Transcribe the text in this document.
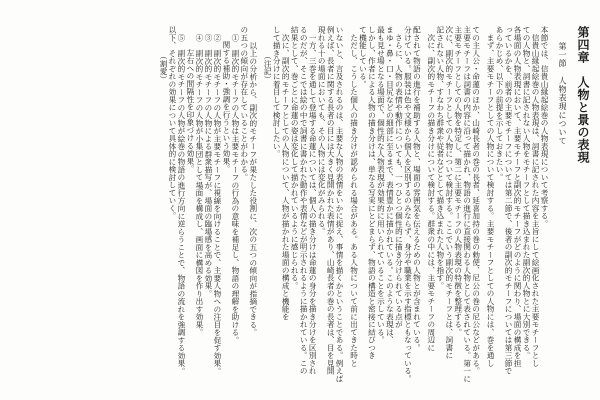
第四章　人物と景の表現
第一節　人物表現について
本節では、信貴山縁起絵巻の人物表現について考察する。
　信貴山縁起絵巻の人物表現は、詞書に記された内容を主旨にして絵画化された主要モチーフとし
ての人物と、詞書に記されない人物をモチーフとして描き込まれた副次的人物とに大別できる。
各場面の人物表現において、主要モチーフと副次的モチーフがどのように関わり、場面の構成を担
っているかを、前者の主要モチーフについては第二節で、後者の副次的モチーフについては第三節で
あらかじめ、以下の前提を示しておきたい。
　まず、主要モチーフとしての人物について検討する。主要モチーフとしての人物には、巻を通し
ての主人公・命蓮のほか、山崎長者の巻の長者、延喜加持の巻の勅使、尼公の巻の尼公などがある。
主要モチーフは詞書の内容に沿って描かれ、物語の進行に直接関わる人物として表されている。第一に
主要モチーフとしての人物を特定し、第二に主要モチーフの人物表現の特徴を整理する。
次に、副次的モチーフとしての人物について検討する。ここでいう副次的モチーフとは、詞書に
記されない人物、すなわち群衆や従者などとして描き込まれた人物を指す。
　次に、副次的モチーフの描き分けについて検討する。群衆の中には、主要モチーフの周辺に
配されて物語の進行を補助する人物と、場面の雰囲気を伝えるための人物とが含まれている。
分けている。服装は色や文様から個人を区別するのみならず、身分や職業を示す指標ともなっている。
　さらに、人物の表情や動作についても、一つひとつ個性的に描き分けられている点が
まゆ・鼻・口・目尻などの細部に至るまで、表情豊かに描かれている。このような表現は、
最も見せ場となる場面で、個性的な人物表現が効果的に用いられていることを示している。
しかし、作者による人物の描き分けは、単なる写実にとどまらず、物語の構造と密接に結びつき
て機能している。
　ただし、こうした個人の描き分けが認められる場合がある。ある人物について前に出てきた時と
いないと、言及されるのは、主要な人物の表情をいかに捉え、事情を描くかということである。例えば
例えば、長者に関する長者の目には大きく見開かれた表情があり、山崎長者の巻の長者は、目を見開
現れる十の場面においても、その人物には変化がみられる。
　一方、三巻を通して登場する命蓮については、個人の描き分けは命蓮の身分を描き分けを区別され
るのだが、そこでは絵の中で詞書に書かれた動作や表情などが明示されるように描かれている。この
結果として、巻ごとに命蓮の姿は変化して描かれているように感じられる。
　次に、副次的モチーフとしての人物について、人物が描かれた場面の構成と機能を
して描き分けに着目して検討したい。
（注記）
　以上の分析から、副次的モチーフが果たした役割に、次の五つの傾向が指摘できる。
の五つの傾向が存在していることがわかる。
①　副次的モチーフの人物は主要モチーフの行為の意味を補足し、物語の理解を助ける。
関する補助・強調を行うという効果。
②　副次的モチーフの人物が主要モチーフに視線を向けることで、主要人物への注目を促す効果。
③　副次的モチーフの人物による群衆描写が、場面の臨場感を高める効果。
④　副次的モチーフの人物が小集団として場面を構成し、画面に構図を作り出す効果。
　左右への間隔性を印象づける効果。
⑤　副次的モチーフの人物が絵巻の物語の進行方向に逆らうことで、物語の流れを強調する効果。
以下、それぞれの効果について具体的に検討していく。
（割愛）
